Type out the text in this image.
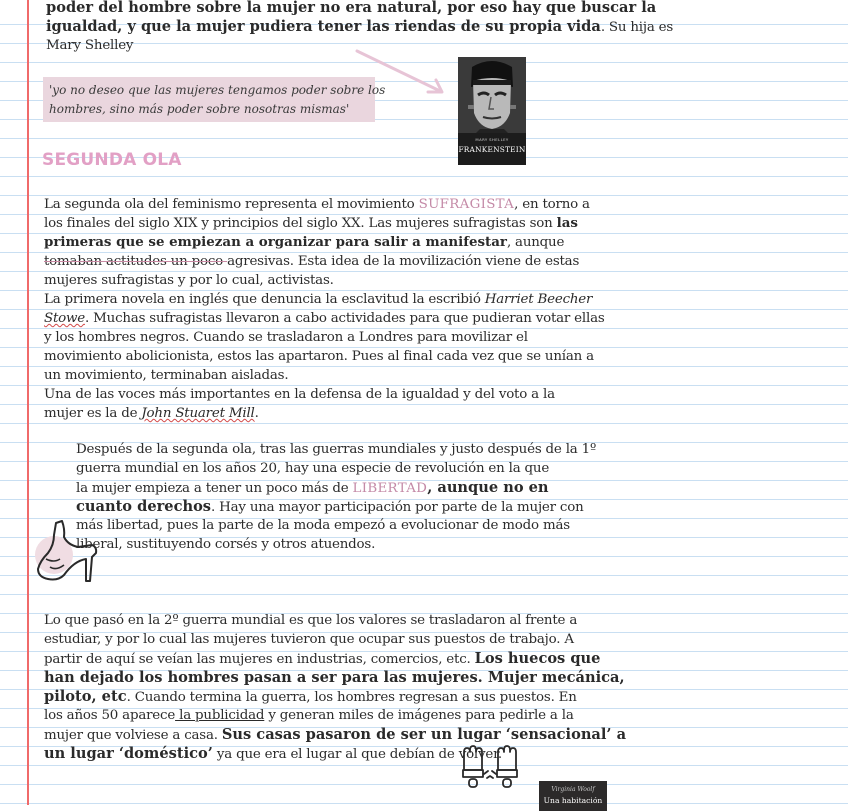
poder del hombre sobre la mujer no era natural, por eso hay que buscar la
igualdad, y que la mujer pudiera tener las riendas de su propia vida. Su hija es
Mary Shelley

'yo no deseo que las mujeres tengamos poder sobre los
hombres, sino más poder sobre nosotras mismas'

MARY SHELLEY
FRANKENSTEIN
SEGUNDA OLA

La segunda ola del feminismo representa el movimiento SUFRAGISTA, en torno a
los finales del siglo XIX y principios del siglo XX. Las mujeres sufragistas son las
primeras que se empiezan a organizar para salir a manifestar, aunque
tomaban actitudes un poco agresivas. Esta idea de la movilización viene de estas
mujeres sufragistas y por lo cual, activistas.
La primera novela en inglés que denuncia la esclavitud la escribió Harriet Beecher
Stowe. Muchas sufragistas llevaron a cabo actividades para que pudieran votar ellas
y los hombres negros. Cuando se trasladaron a Londres para movilizar el
movimiento abolicionista, estos las apartaron. Pues al final cada vez que se unían a
un movimiento, terminaban aisladas.
Una de las voces más importantes en la defensa de la igualdad y del voto a la
mujer es la de John Stuaret Mill.

Después de la segunda ola, tras las guerras mundiales y justo después de la 1º
guerra mundial en los años 20, hay una especie de revolución en la que
la mujer empieza a tener un poco más de LIBERTAD, aunque no en
cuanto derechos. Hay una mayor participación por parte de la mujer con
más libertad, pues la parte de la moda empezó a evolucionar de modo más
liberal, sustituyendo corsés y otros atuendos.

Lo que pasó en la 2º guerra mundial es que los valores se trasladaron al frente a
estudiar, y por lo cual las mujeres tuvieron que ocupar sus puestos de trabajo. A
partir de aquí se veían las mujeres en industrias, comercios, etc. Los huecos que
han dejado los hombres pasan a ser para las mujeres. Mujer mecánica,
piloto, etc. Cuando termina la guerra, los hombres regresan a sus puestos. En
los años 50 aparece la publicidad y generan miles de imágenes para pedirle a la
mujer que volviese a casa. Sus casas pasaron de ser un lugar ‘sensacional’ a
un lugar ‘doméstico’ ya que era el lugar al que debían de volver.

Virginia Woolf
Una habitación
